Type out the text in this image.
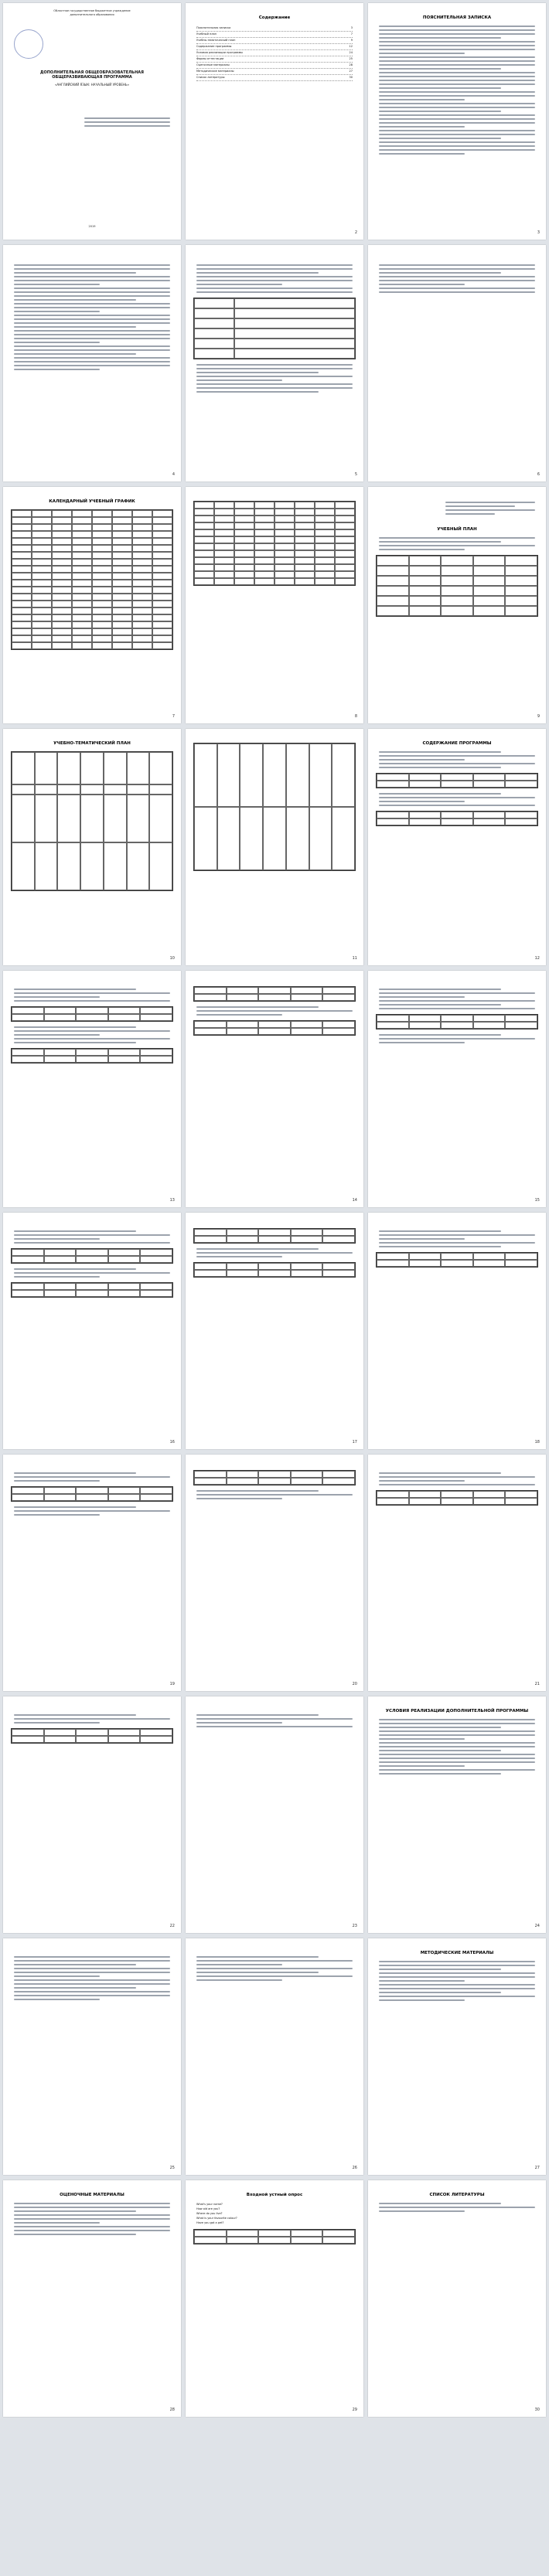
Областное государственное бюджетное учреждение
дополнительного образования
ДОПОЛНИТЕЛЬНАЯ ОБЩЕОБРАЗОВАТЕЛЬНАЯ ОБЩЕРАЗВИВАЮЩАЯ ПРОГРАММА
«АНГЛИЙСКИЙ ЯЗЫК: НАЧАЛЬНЫЙ УРОВЕНЬ»
2019
Содержание
Пояснительная записка	3
Учебный план	7
Учебно-тематический план	9
Содержание программы	12
Условия реализации программы	24
Формы аттестации	25
Оценочные материалы	28
Методические материалы	27
Список литературы	30
2
ПОЯСНИТЕЛЬНАЯ ЗАПИСКА
3
4	5	6
КАЛЕНДАРНЫЙ УЧЕБНЫЙ ГРАФИК
7	8
УЧЕБНЫЙ ПЛАН
9
УЧЕБНО-ТЕМАТИЧЕСКИЙ ПЛАН
10	11
СОДЕРЖАНИЕ ПРОГРАММЫ
12
13	14	15
16	17	18
19	20	21
22	23
УСЛОВИЯ РЕАЛИЗАЦИИ ДОПОЛНИТЕЛЬНОЙ ПРОГРАММЫ
24
25	26
МЕТОДИЧЕСКИЕ МАТЕРИАЛЫ
27
ОЦЕНОЧНЫЕ МАТЕРИАЛЫ
28
Входной устный опрос
What's your name?
How old are you?
Where do you live?
What is your favourite colour?
Have you got a pet?
29
СПИСОК ЛИТЕРАТУРЫ
30
